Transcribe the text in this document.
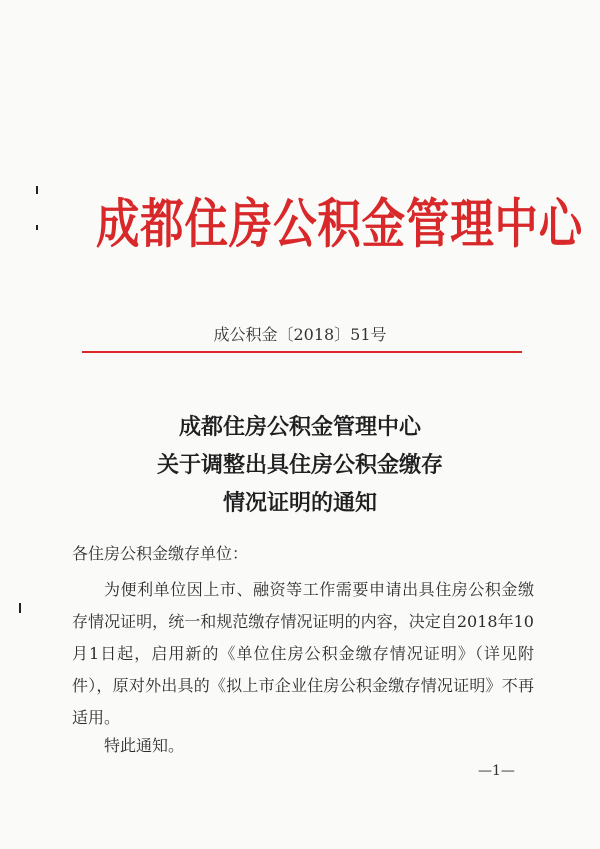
成都住房公积金管理中心
成公积金〔2018〕51号
成都住房公积金管理中心
关于调整出具住房公积金缴存
情况证明的通知
各住房公积金缴存单位：
为便利单位因上市、融资等工作需要申请出具住房公积金缴存情况证明，统一和规范缴存情况证明的内容，决定自2018年10月1日起，启用新的《单位住房公积金缴存情况证明》（详见附件），原对外出具的《拟上市企业住房公积金缴存情况证明》不再适用。
特此通知。
—1—
